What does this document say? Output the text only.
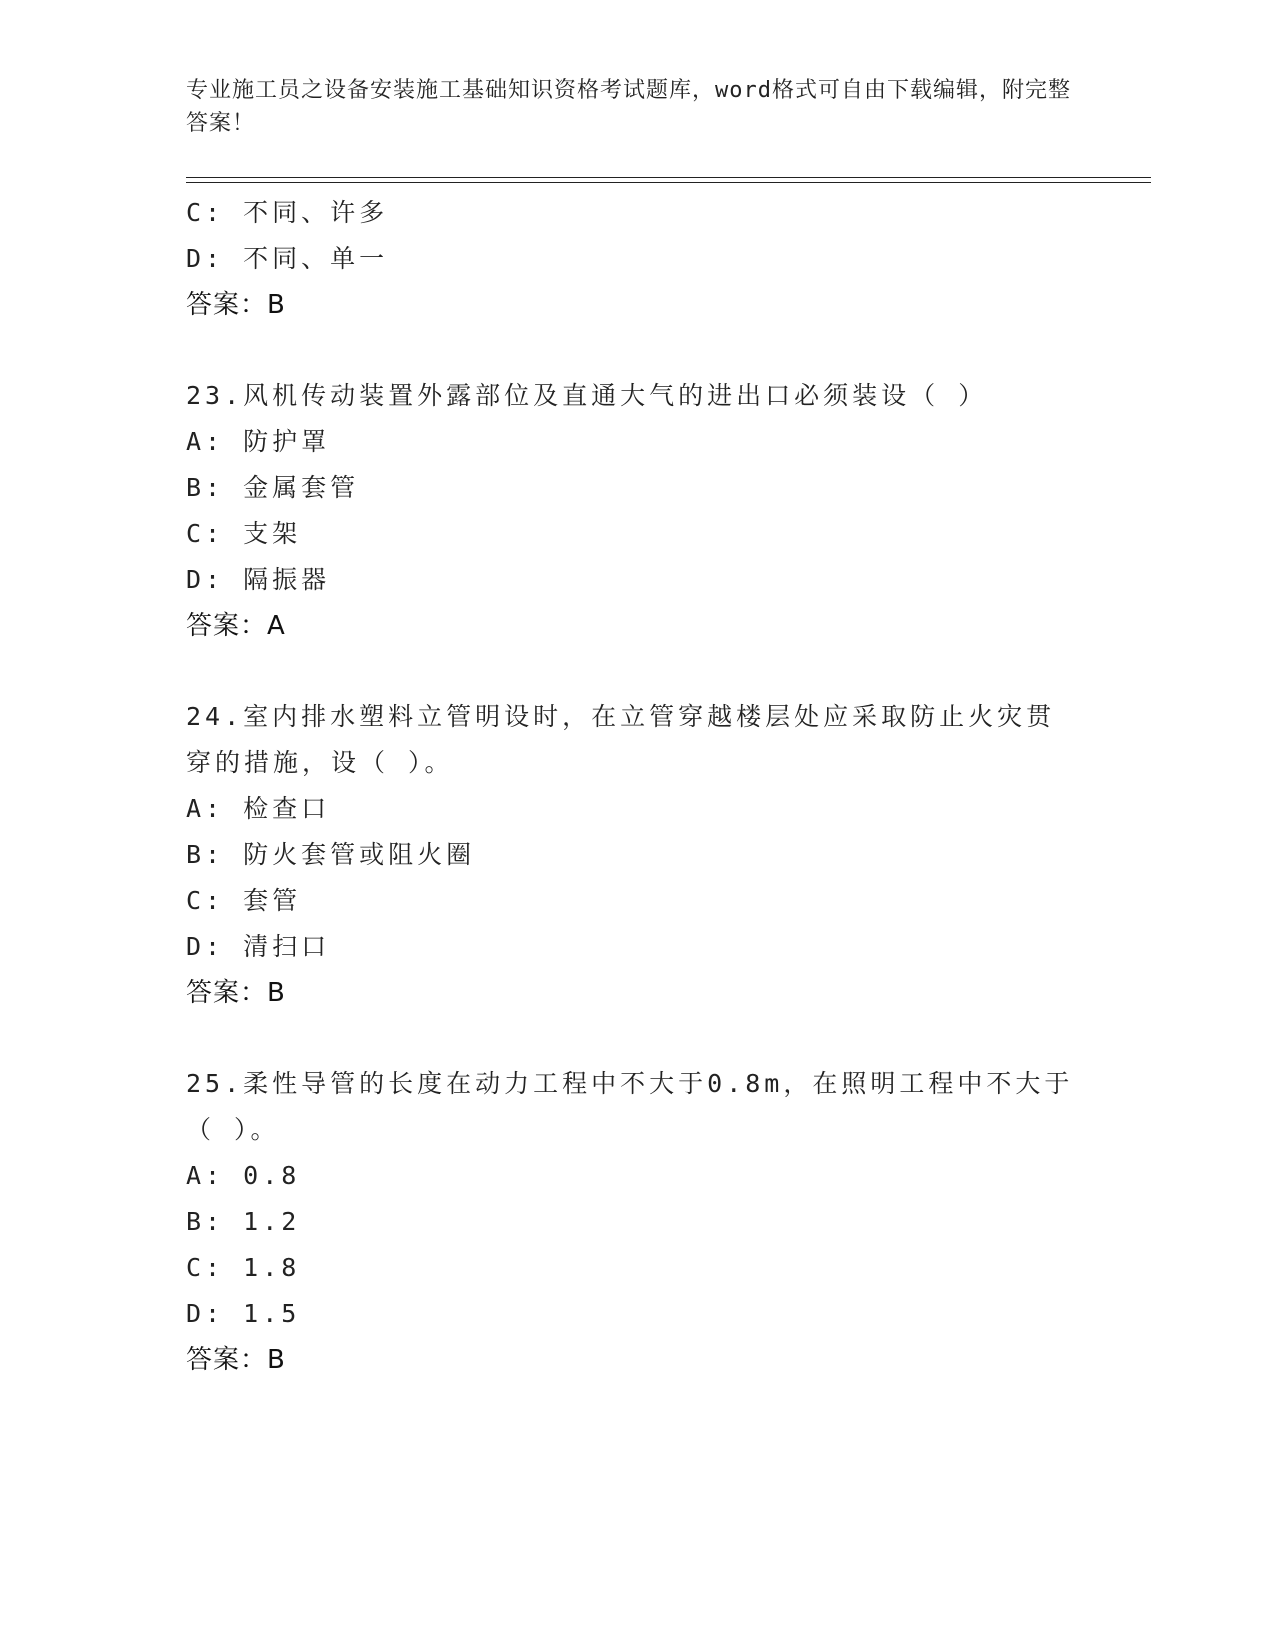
专业施工员之设备安装施工基础知识资格考试题库，word格式可自由下载编辑，附完整答案！
C: 不同、许多
D: 不同、单一
答案：B
23.风机传动装置外露部位及直通大气的进出口必须装设（ ）
A: 防护罩
B: 金属套管
C: 支架
D: 隔振器
答案：A
24.室内排水塑料立管明设时，在立管穿越楼层处应采取防止火灾贯穿的措施，设（ ）。
A: 检查口
B: 防火套管或阻火圈
C: 套管
D: 清扫口
答案：B
25.柔性导管的长度在动力工程中不大于0.8m，在照明工程中不大于（ ）。
A: 0.8
B: 1.2
C: 1.8
D: 1.5
答案：B
